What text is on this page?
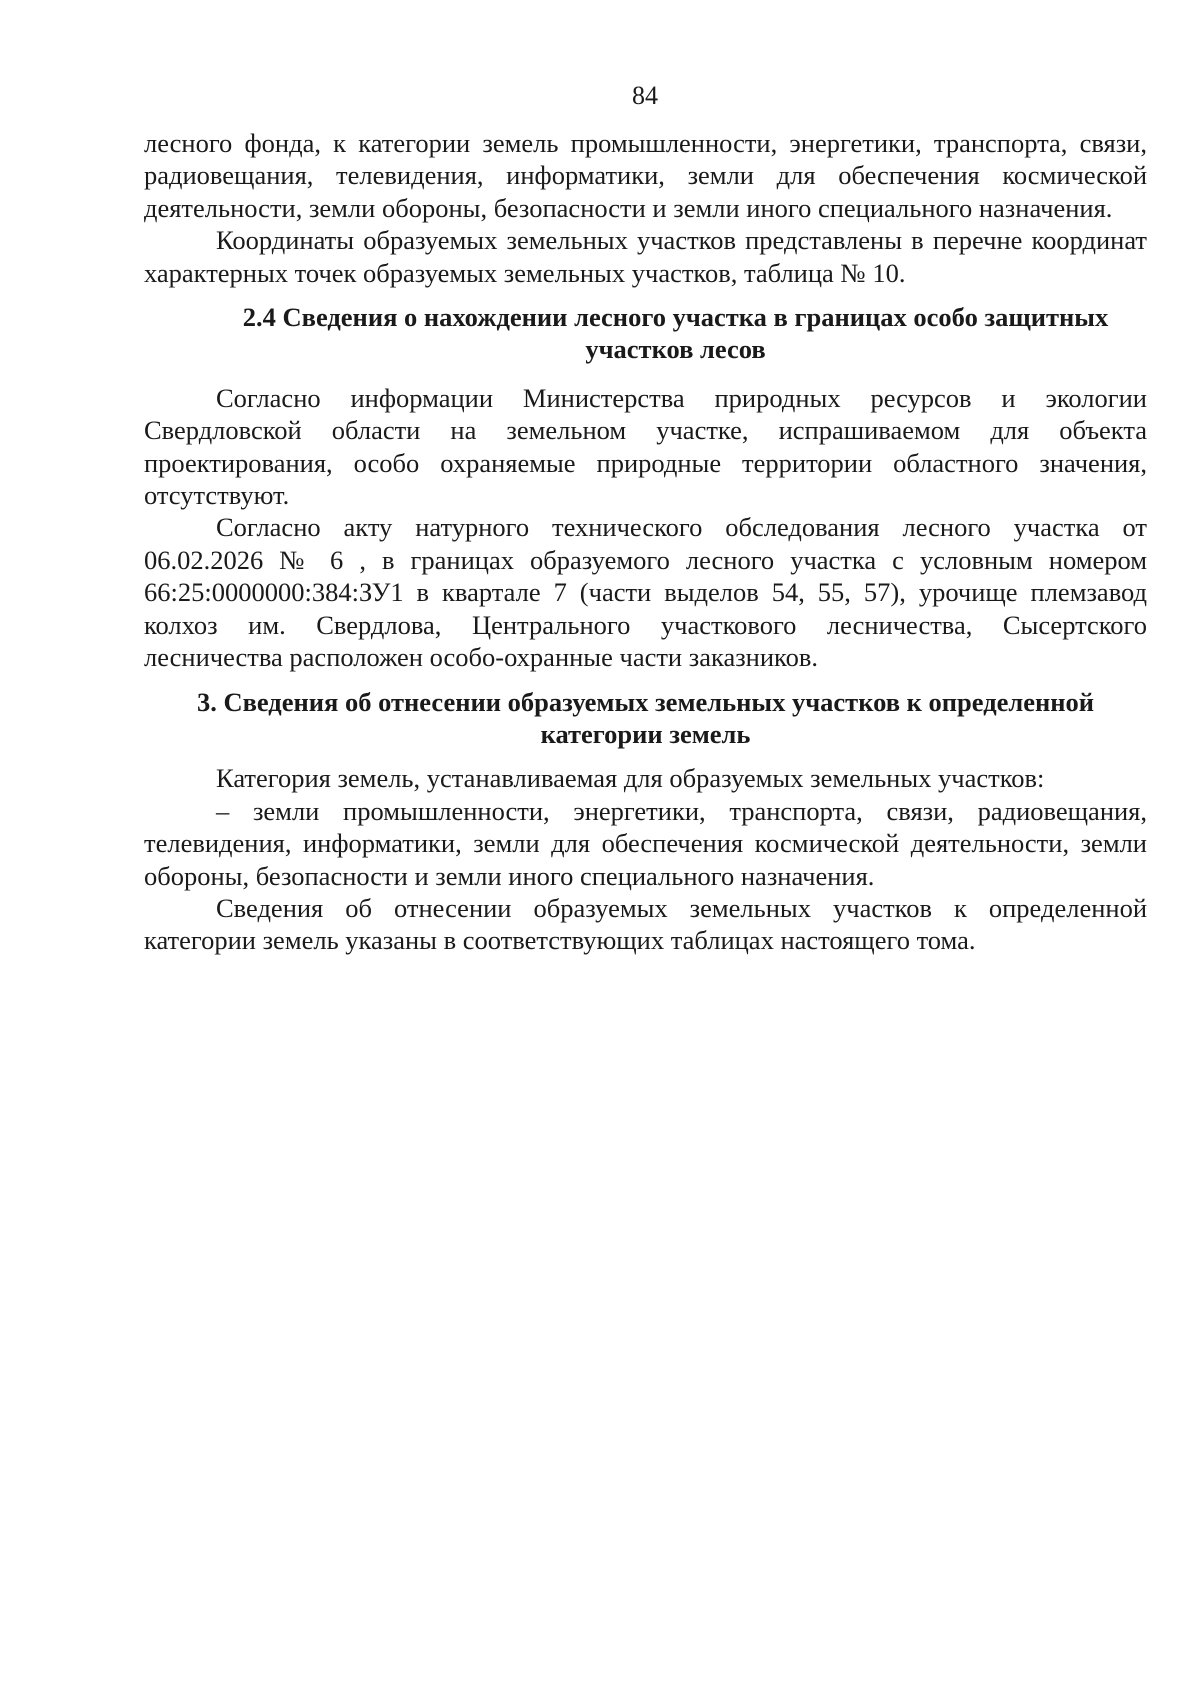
84

лесного фонда, к категории земель промышленности, энергетики, транспорта, связи, радиовещания, телевидения, информатики, земли для обеспечения космической деятельности, земли обороны, безопасности и земли иного специального назначения.

Координаты образуемых земельных участков представлены в перечне координат характерных точек образуемых земельных участков, таблица № 10.

2.4 Сведения о нахождении лесного участка в границах особо защитных участков лесов

Согласно информации Министерства природных ресурсов и экологии Свердловской области на земельном участке, испрашиваемом для объекта проектирования, особо охраняемые природные территории областного значения, отсутствуют.

Согласно акту натурного технического обследования лесного участка от 06.02.2026 № 6 , в границах образуемого лесного участка с условным номером 66:25:0000000:384:ЗУ1 в квартале 7 (части выделов 54, 55, 57), урочище племзавод колхоз им. Свердлова, Центрального участкового лесничества, Сысертского лесничества расположен особо-охранные части заказников.

3. Сведения об отнесении образуемых земельных участков к определенной категории земель

Категория земель, устанавливаемая для образуемых земельных участков:

– земли промышленности, энергетики, транспорта, связи, радиовещания, телевидения, информатики, земли для обеспечения космической деятельности, земли обороны, безопасности и земли иного специального назначения.

Сведения об отнесении образуемых земельных участков к определенной категории земель указаны в соответствующих таблицах настоящего тома.
